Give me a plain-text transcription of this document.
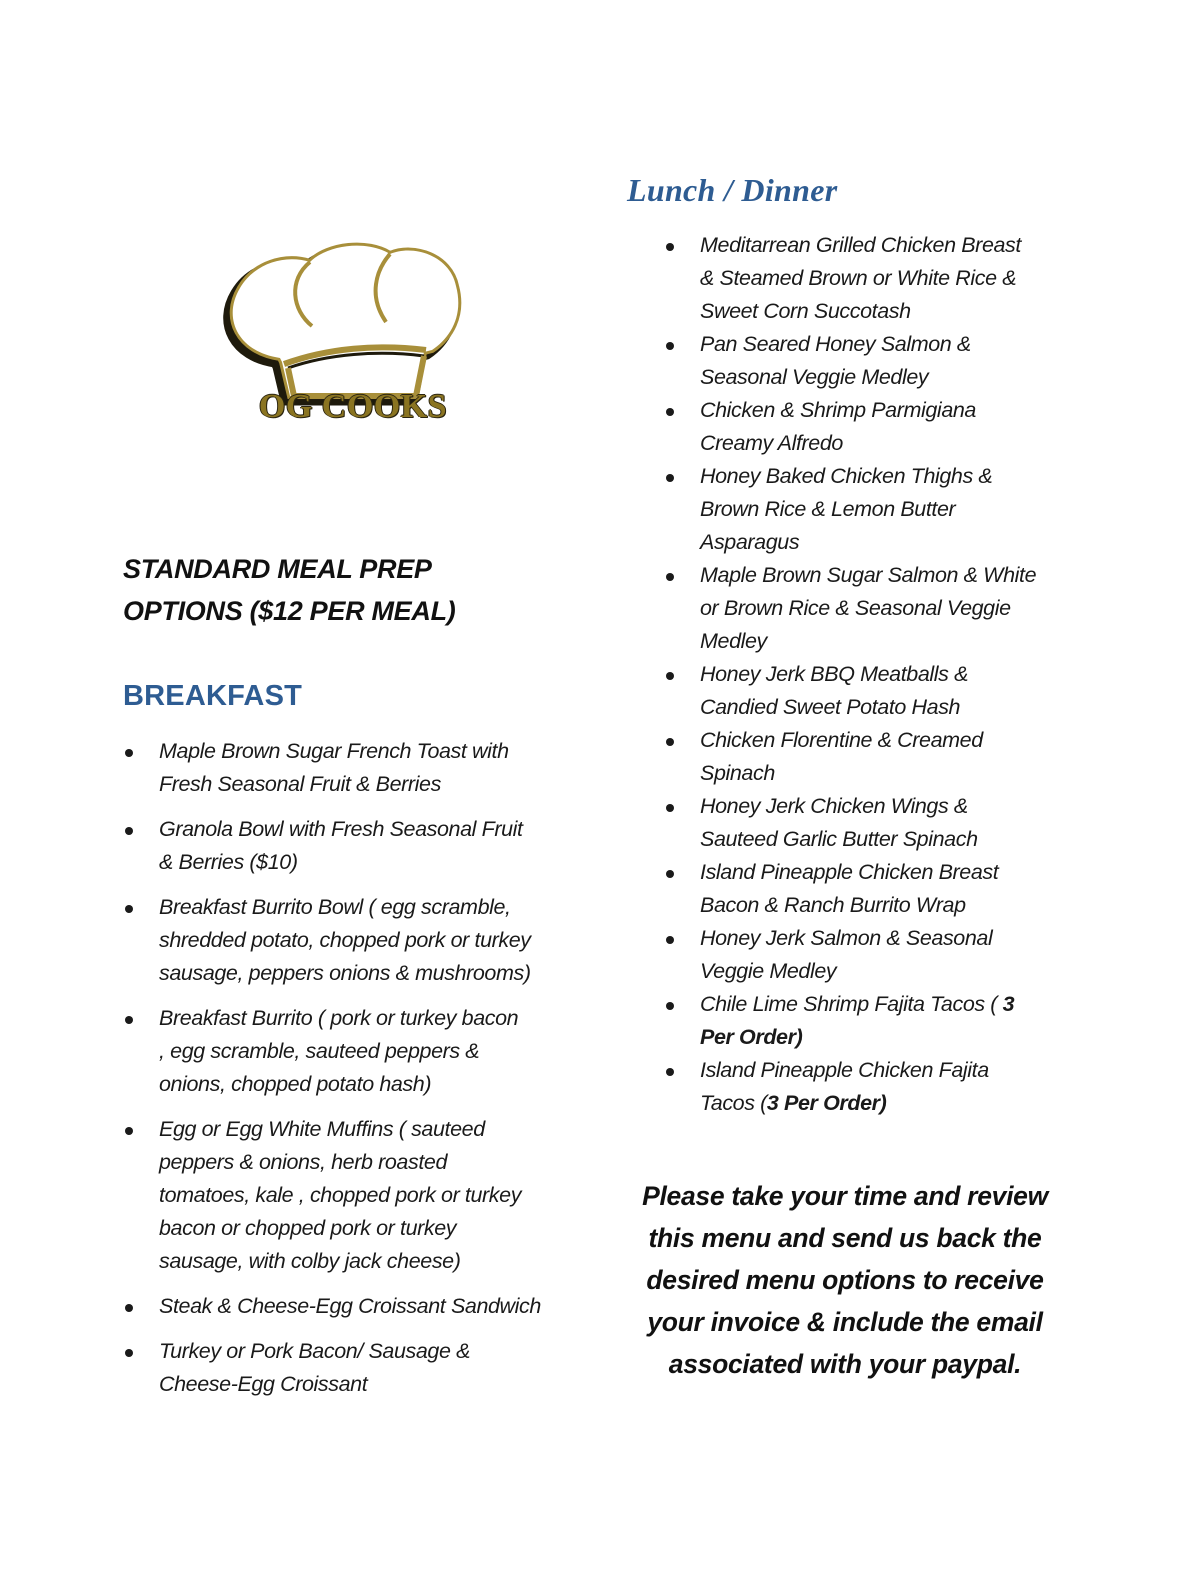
OG COOKS
STANDARD MEAL PREP
OPTIONS ($12 PER MEAL)
BREAKFAST
Maple Brown Sugar French Toast with
Fresh Seasonal Fruit & Berries
Granola Bowl with Fresh Seasonal Fruit
& Berries ($10)
Breakfast Burrito Bowl ( egg scramble,
shredded potato, chopped pork or turkey
sausage, peppers onions & mushrooms)
Breakfast Burrito ( pork or turkey bacon
, egg scramble, sauteed peppers &
onions, chopped potato hash)
Egg or Egg White Muffins ( sauteed
peppers & onions, herb roasted
tomatoes, kale , chopped pork or turkey
bacon or chopped pork or turkey
sausage, with colby jack cheese)
Steak & Cheese-Egg Croissant Sandwich
Turkey or Pork Bacon/ Sausage &
Cheese-Egg Croissant
Lunch / Dinner
Meditarrean Grilled Chicken Breast
& Steamed Brown or White Rice &
Sweet Corn Succotash
Pan Seared Honey Salmon &
Seasonal Veggie Medley
Chicken & Shrimp Parmigiana
Creamy Alfredo
Honey Baked Chicken Thighs &
Brown Rice & Lemon Butter
Asparagus
Maple Brown Sugar Salmon & White
or Brown Rice & Seasonal Veggie
Medley
Honey Jerk BBQ Meatballs &
Candied Sweet Potato Hash
Chicken Florentine & Creamed
Spinach
Honey Jerk Chicken Wings &
Sauteed Garlic Butter Spinach
Island Pineapple Chicken Breast
Bacon & Ranch Burrito Wrap
Honey Jerk Salmon & Seasonal
Veggie Medley
Chile Lime Shrimp Fajita Tacos ( 3
Per Order)
Island Pineapple Chicken Fajita
Tacos (3 Per Order)
Please take your time and review
this menu and send us back the
desired menu options to receive
your invoice & include the email
associated with your paypal.
